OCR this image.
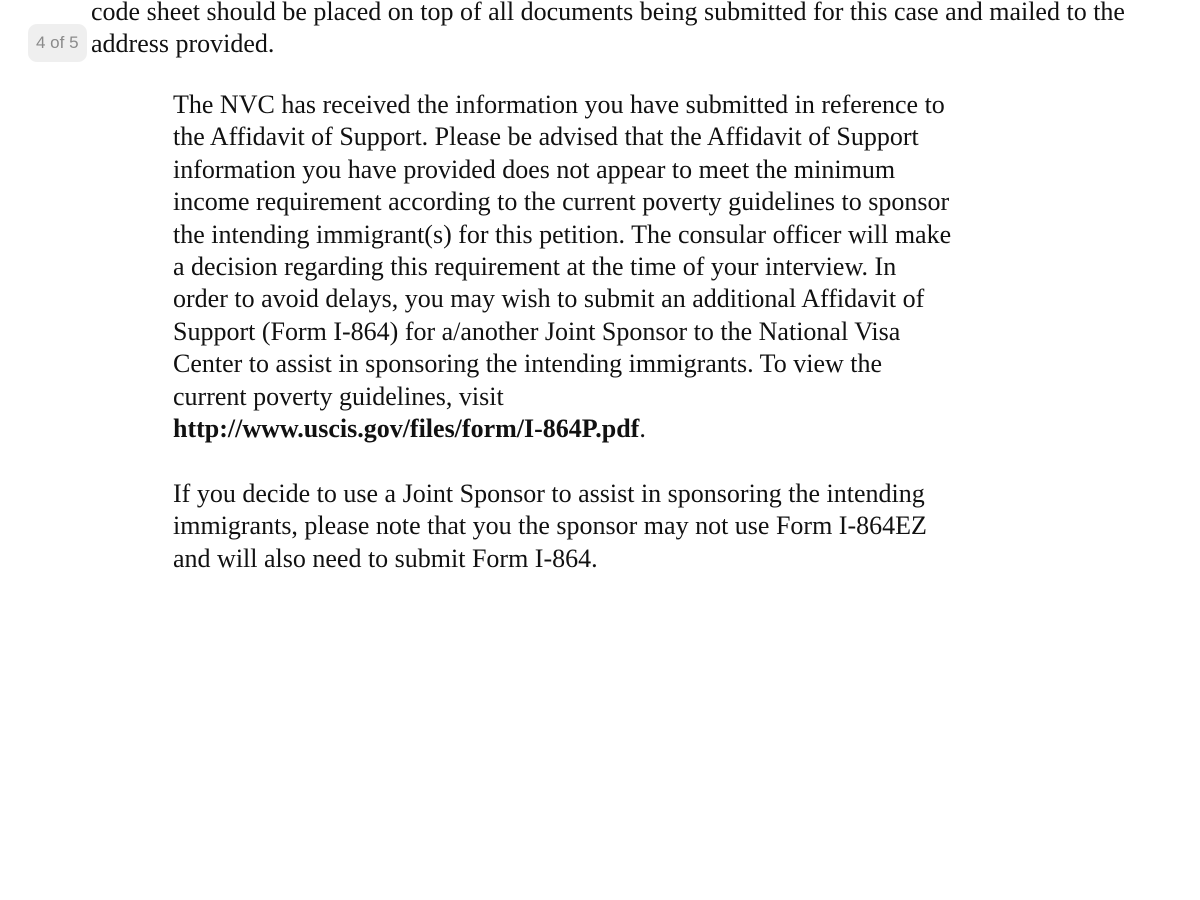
code sheet should be placed on top of all documents being submitted for this case and mailed to the
address provided.
4 of 5
The NVC has received the information you have submitted in reference to
the Affidavit of Support. Please be advised that the Affidavit of Support
information you have provided does not appear to meet the minimum
income requirement according to the current poverty guidelines to sponsor
the intending immigrant(s) for this petition. The consular officer will make
a decision regarding this requirement at the time of your interview. In
order to avoid delays, you may wish to submit an additional Affidavit of
Support (Form I-864) for a/another Joint Sponsor to the National Visa
Center to assist in sponsoring the intending immigrants. To view the
current poverty guidelines, visit
http://www.uscis.gov/files/form/I-864P.pdf.
If you decide to use a Joint Sponsor to assist in sponsoring the intending
immigrants, please note that you the sponsor may not use Form I-864EZ
and will also need to submit Form I-864.
